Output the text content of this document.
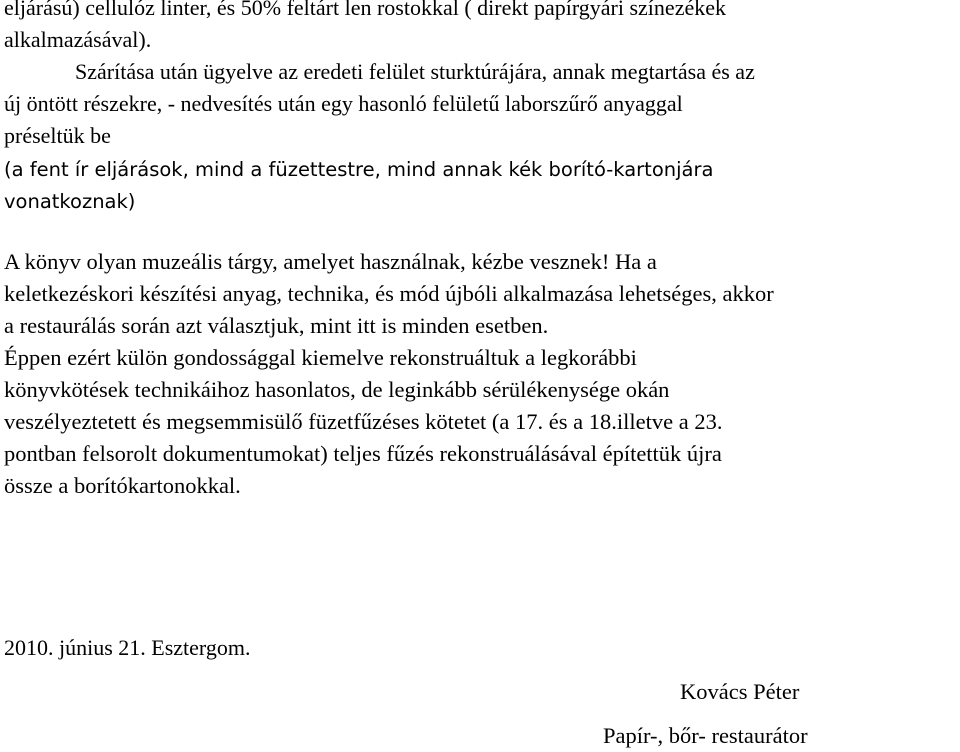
eljárású) cellulóz linter, és 50% feltárt len rostokkal ( direkt papírgyári színezékek
alkalmazásával).
Szárítása után ügyelve az eredeti felület sturktúrájára, annak megtartása és az
új öntött részekre, - nedvesítés után egy hasonló felületű laborszűrő anyaggal
préseltük be
(a fent ír eljárások, mind a füzettestre, mind annak kék borító-kartonjára
vonatkoznak)
A könyv olyan muzeális tárgy, amelyet használnak, kézbe vesznek! Ha a
keletkezéskori készítési anyag, technika, és mód újbóli alkalmazása lehetséges, akkor
a restaurálás során azt választjuk, mint itt is minden esetben.
Éppen ezért külön gondossággal kiemelve rekonstruáltuk a legkorábbi
könyvkötések technikáihoz hasonlatos, de leginkább sérülékenysége okán
veszélyeztetett és megsemmisülő füzetfűzéses kötetet (a 17. és a 18.illetve a 23.
pontban felsorolt dokumentumokat) teljes fűzés rekonstruálásával építettük újra
össze a borítókartonokkal.
2010. június 21. Esztergom.
Kovács Péter
Papír-, bőr- restaurátor
